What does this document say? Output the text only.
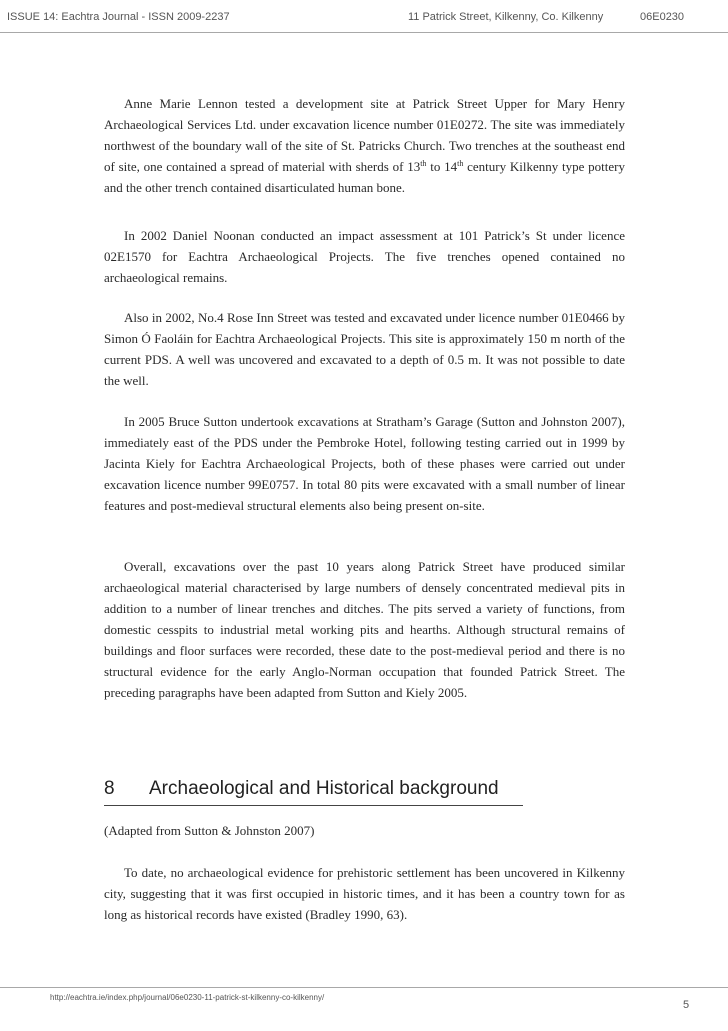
ISSUE 14: Eachtra Journal - ISSN 2009-2237	11 Patrick Street, Kilkenny, Co. Kilkenny	06E0230

Anne Marie Lennon tested a development site at Patrick Street Upper for Mary Henry Archaeological Services Ltd. under excavation licence number 01E0272. The site was immediately northwest of the boundary wall of the site of St. Patricks Church. Two trenches at the southeast end of site, one contained a spread of material with sherds of 13th to 14th century Kilkenny type pottery and the other trench contained disarticulated human bone.

In 2002 Daniel Noonan conducted an impact assessment at 101 Patrick’s St under licence 02E1570 for Eachtra Archaeological Projects. The five trenches opened contained no archaeological remains.

Also in 2002, No.4 Rose Inn Street was tested and excavated under licence number 01E0466 by Simon Ó Faoláin for Eachtra Archaeological Projects. This site is approximately 150 m north of the current PDS. A well was uncovered and excavated to a depth of 0.5 m. It was not possible to date the well.

In 2005 Bruce Sutton undertook excavations at Stratham’s Garage (Sutton and Johnston 2007), immediately east of the PDS under the Pembroke Hotel, following testing carried out in 1999 by Jacinta Kiely for Eachtra Archaeological Projects, both of these phases were carried out under excavation licence number 99E0757. In total 80 pits were excavated with a small number of linear features and post-medieval structural elements also being present on-site.

Overall, excavations over the past 10 years along Patrick Street have produced similar archaeological material characterised by large numbers of densely concentrated medieval pits in addition to a number of linear trenches and ditches. The pits served a variety of functions, from domestic cesspits to industrial metal working pits and hearths. Although structural remains of buildings and floor surfaces were recorded, these date to the post-medieval period and there is no structural evidence for the early Anglo-Norman occupation that founded Patrick Street. The preceding paragraphs have been adapted from Sutton and Kiely 2005.

8 Archaeological and Historical background

(Adapted from Sutton & Johnston 2007)

To date, no archaeological evidence for prehistoric settlement has been uncovered in Kilkenny city, suggesting that it was first occupied in historic times, and it has been a country town for as long as historical records have existed (Bradley 1990, 63).

http://eachtra.ie/index.php/journal/06e0230-11-patrick-st-kilkenny-co-kilkenny/
5
